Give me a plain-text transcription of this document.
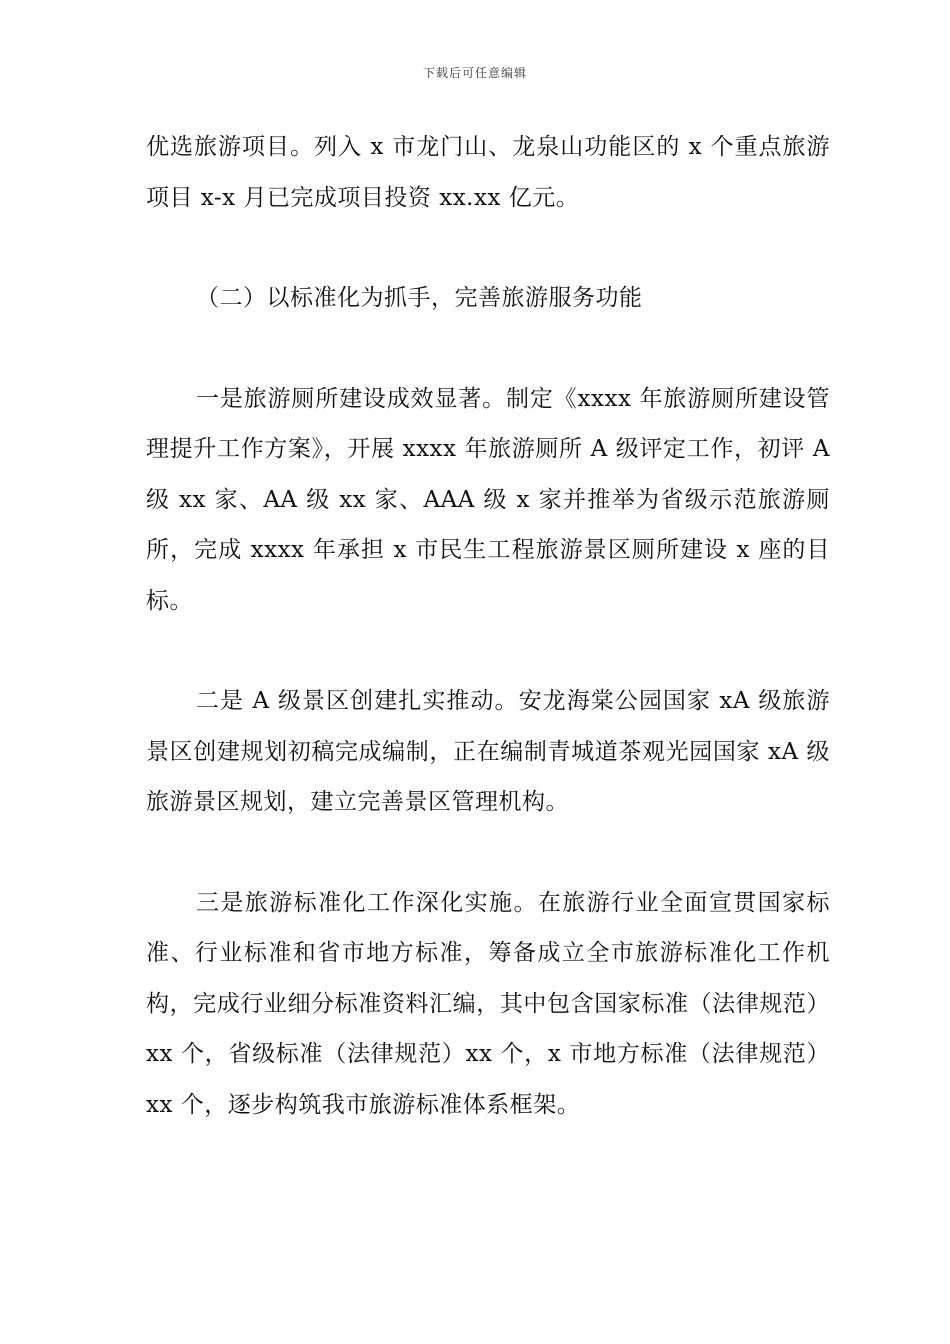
下载后可任意编辑

优选旅游项目。列入 x 市龙门山、龙泉山功能区的 x 个重点旅游项目 x-x 月已完成项目投资 xx.xx 亿元。

（二）以标准化为抓手，完善旅游服务功能

一是旅游厕所建设成效显著。制定《xxxx 年旅游厕所建设管理提升工作方案》，开展 xxxx 年旅游厕所 A 级评定工作，初评 A 级 xx 家、AA 级 xx 家、AAA 级 x 家并推举为省级示范旅游厕所，完成 xxxx 年承担 x 市民生工程旅游景区厕所建设 x 座的目标。

二是 A 级景区创建扎实推动。安龙海棠公园国家 xA 级旅游景区创建规划初稿完成编制，正在编制青城道茶观光园国家 xA 级旅游景区规划，建立完善景区管理机构。

三是旅游标准化工作深化实施。在旅游行业全面宣贯国家标准、行业标准和省市地方标准，筹备成立全市旅游标准化工作机构，完成行业细分标准资料汇编，其中包含国家标准（法律规范）xx 个，省级标准（法律规范）xx 个，x 市地方标准（法律规范）xx 个，逐步构筑我市旅游标准体系框架。
